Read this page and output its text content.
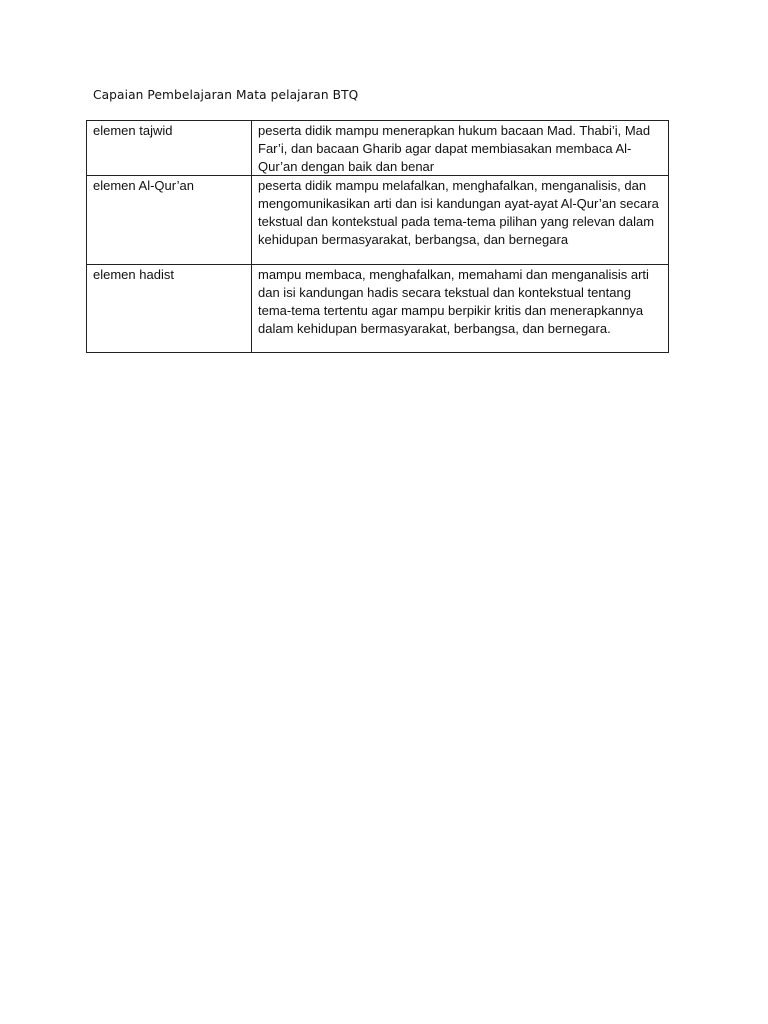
Capaian Pembelajaran Mata pelajaran BTQ
elemen tajwid	peserta didik mampu menerapkan hukum bacaan Mad. Thabi’i, Mad Far’i, dan bacaan Gharib agar dapat membiasakan membaca Al-Qur’an dengan baik dan benar
elemen Al-Qur’an	peserta didik mampu melafalkan, menghafalkan, menganalisis, dan mengomunikasikan arti dan isi kandungan ayat-ayat Al-Qur’an secara tekstual dan kontekstual pada tema-tema pilihan yang relevan dalam kehidupan bermasyarakat, berbangsa, dan bernegara
elemen hadist	mampu membaca, menghafalkan, memahami dan menganalisis arti dan isi kandungan hadis secara tekstual dan kontekstual tentang tema-tema tertentu agar mampu berpikir kritis dan menerapkannya dalam kehidupan bermasyarakat, berbangsa, dan bernegara.
